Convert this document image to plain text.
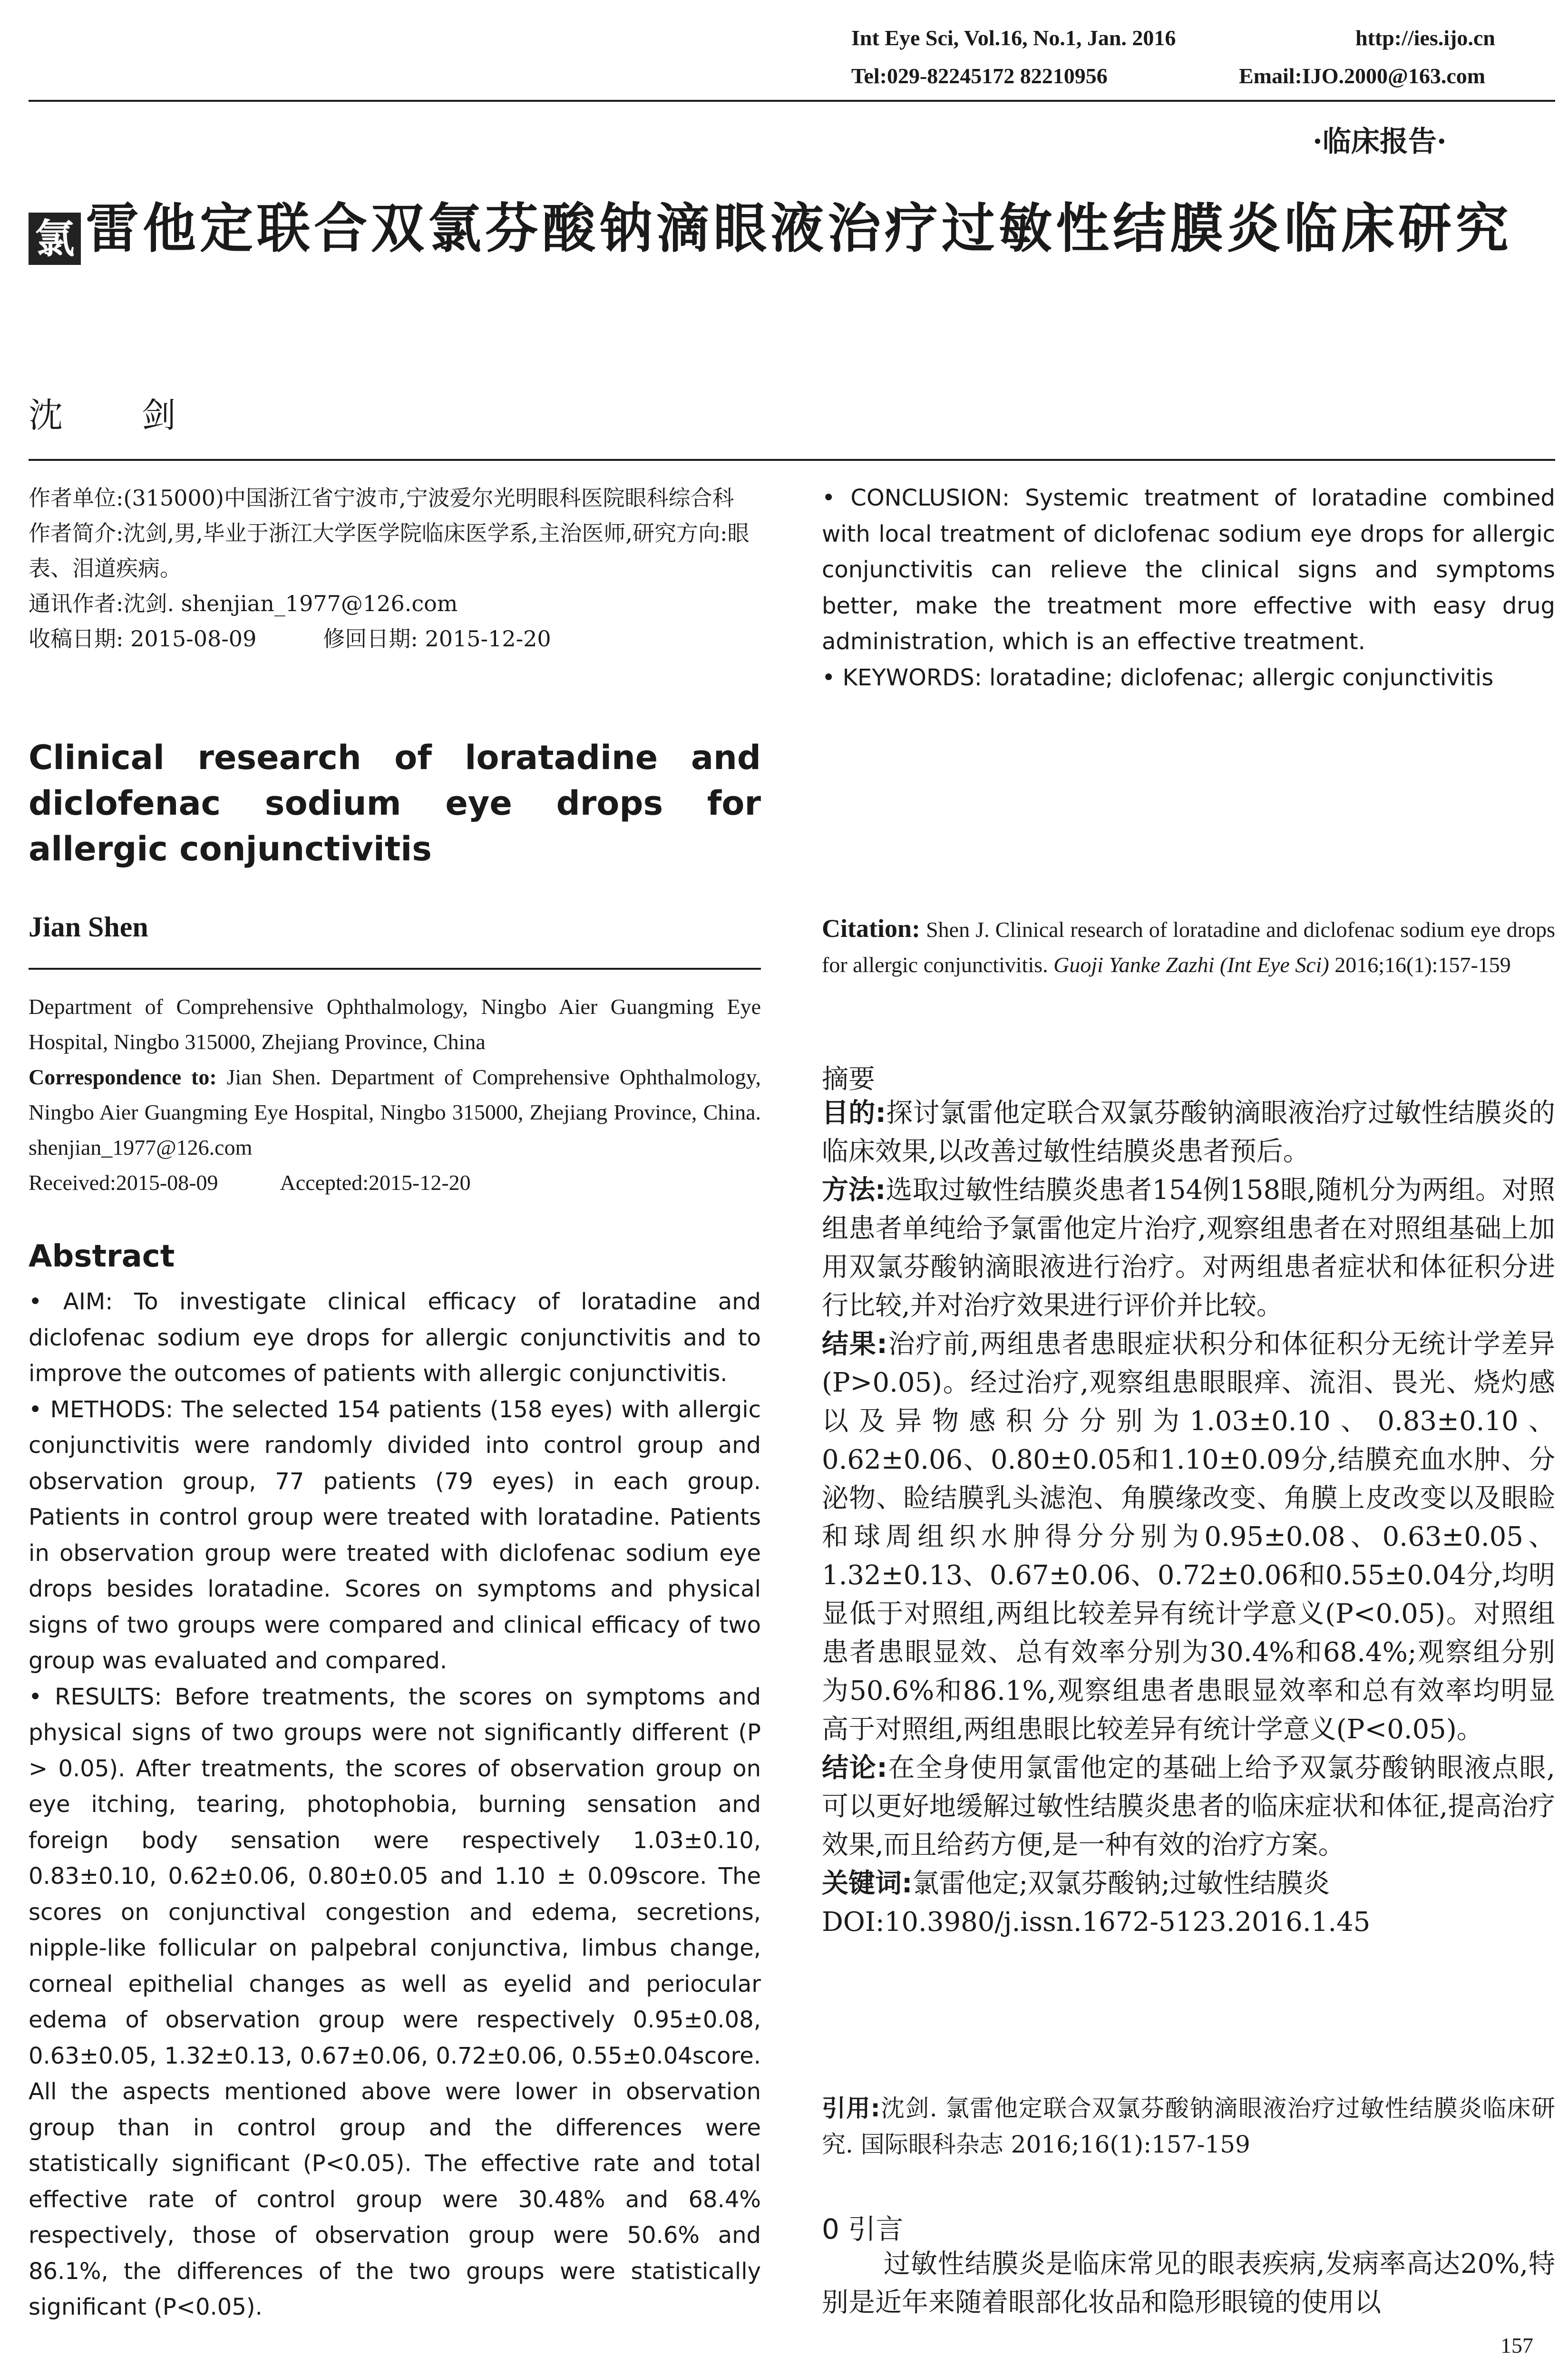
Int Eye Sci, Vol.16, No.1, Jan. 2016	http://ies.ijo.cn
Tel:029-82245172 82210956	Email:IJO.2000@163.com
·临床报告·
氯 雷他定联合双氯芬酸钠滴眼液治疗过敏性结膜炎临床研究
沈  剑

作者单位:(315000)中国浙江省宁波市,宁波爱尔光明眼科医院眼科综合科

作者简介:沈剑,男,毕业于浙江大学医学院临床医学系,主治医师,研究方向:眼表、泪道疾病。

通讯作者:沈剑. shenjian_1977@126.com

收稿日期: 2015-08-09	修回日期: 2015-12-20

Clinical research of loratadine and diclofenac sodium eye drops for allergic conjunctivitis
Jian Shen

Department of Comprehensive Ophthalmology, Ningbo Aier Guangming Eye Hospital, Ningbo 315000, Zhejiang Province, China

Correspondence to: Jian Shen. Department of Comprehensive Ophthalmology, Ningbo Aier Guangming Eye Hospital, Ningbo 315000, Zhejiang Province, China. shenjian_1977@126.com

Received:2015-08-09	Accepted:2015-12-20

Abstract

• AIM: To investigate clinical efficacy of loratadine and diclofenac sodium eye drops for allergic conjunctivitis and to improve the outcomes of patients with allergic conjunctivitis.

• METHODS: The selected 154 patients (158 eyes) with allergic conjunctivitis were randomly divided into control group and observation group, 77 patients (79 eyes) in each group. Patients in control group were treated with loratadine. Patients in observation group were treated with diclofenac sodium eye drops besides loratadine. Scores on symptoms and physical signs of two groups were compared and clinical efficacy of two group was evaluated and compared.

• RESULTS: Before treatments, the scores on symptoms and physical signs of two groups were not significantly different (P > 0.05). After treatments, the scores of observation group on eye itching, tearing, photophobia, burning sensation and foreign body sensation were respectively 1.03±0.10, 0.83±0.10, 0.62±0.06, 0.80±0.05 and 1.10 ± 0.09score. The scores on conjunctival congestion and edema, secretions, nipple-like follicular on palpebral conjunctiva, limbus change, corneal epithelial changes as well as eyelid and periocular edema of observation group were respectively 0.95±0.08, 0.63±0.05, 1.32±0.13, 0.67±0.06, 0.72±0.06, 0.55±0.04score. All the aspects mentioned above were lower in observation group than in control group and the differences were statistically significant (P<0.05). The effective rate and total effective rate of control group were 30.48% and 68.4% respectively, those of observation group were 50.6% and 86.1%, the differences of the two groups were statistically significant (P<0.05).

• CONCLUSION: Systemic treatment of loratadine combined with local treatment of diclofenac sodium eye drops for allergic conjunctivitis can relieve the clinical signs and symptoms better, make the treatment more effective with easy drug administration, which is an effective treatment.

• KEYWORDS: loratadine; diclofenac; allergic conjunctivitis

Citation: Shen J. Clinical research of loratadine and diclofenac sodium eye drops for allergic conjunctivitis. Guoji Yanke Zazhi (Int Eye Sci) 2016;16(1):157-159
摘要

目的:探讨氯雷他定联合双氯芬酸钠滴眼液治疗过敏性结膜炎的临床效果,以改善过敏性结膜炎患者预后。

方法:选取过敏性结膜炎患者154例158眼,随机分为两组。对照组患者单纯给予氯雷他定片治疗,观察组患者在对照组基础上加用双氯芬酸钠滴眼液进行治疗。对两组患者症状和体征积分进行比较,并对治疗效果进行评价并比较。

结果:治疗前,两组患者患眼症状积分和体征积分无统计学差异(P>0.05)。经过治疗,观察组患眼眼痒、流泪、畏光、烧灼感以及异物感积分分别为1.03±0.10、0.83±0.10、0.62±0.06、0.80±0.05和1.10±0.09分,结膜充血水肿、分泌物、睑结膜乳头滤泡、角膜缘改变、角膜上皮改变以及眼睑和球周组织水肿得分分别为0.95±0.08、0.63±0.05、1.32±0.13、0.67±0.06、0.72±0.06和0.55±0.04分,均明显低于对照组,两组比较差异有统计学意义(P<0.05)。对照组患者患眼显效、总有效率分别为30.4%和68.4%;观察组分别为50.6%和86.1%,观察组患者患眼显效率和总有效率均明显高于对照组,两组患眼比较差异有统计学意义(P<0.05)。

结论:在全身使用氯雷他定的基础上给予双氯芬酸钠眼液点眼,可以更好地缓解过敏性结膜炎患者的临床症状和体征,提高治疗效果,而且给药方便,是一种有效的治疗方案。

关键词:氯雷他定;双氯芬酸钠;过敏性结膜炎

DOI:10.3980/j.issn.1672-5123.2016.1.45

引用:沈剑. 氯雷他定联合双氯芬酸钠滴眼液治疗过敏性结膜炎临床研究. 国际眼科杂志 2016;16(1):157-159
0 引言
过敏性结膜炎是临床常见的眼表疾病,发病率高达20%,特别是近年来随着眼部化妆品和隐形眼镜的使用以
157
